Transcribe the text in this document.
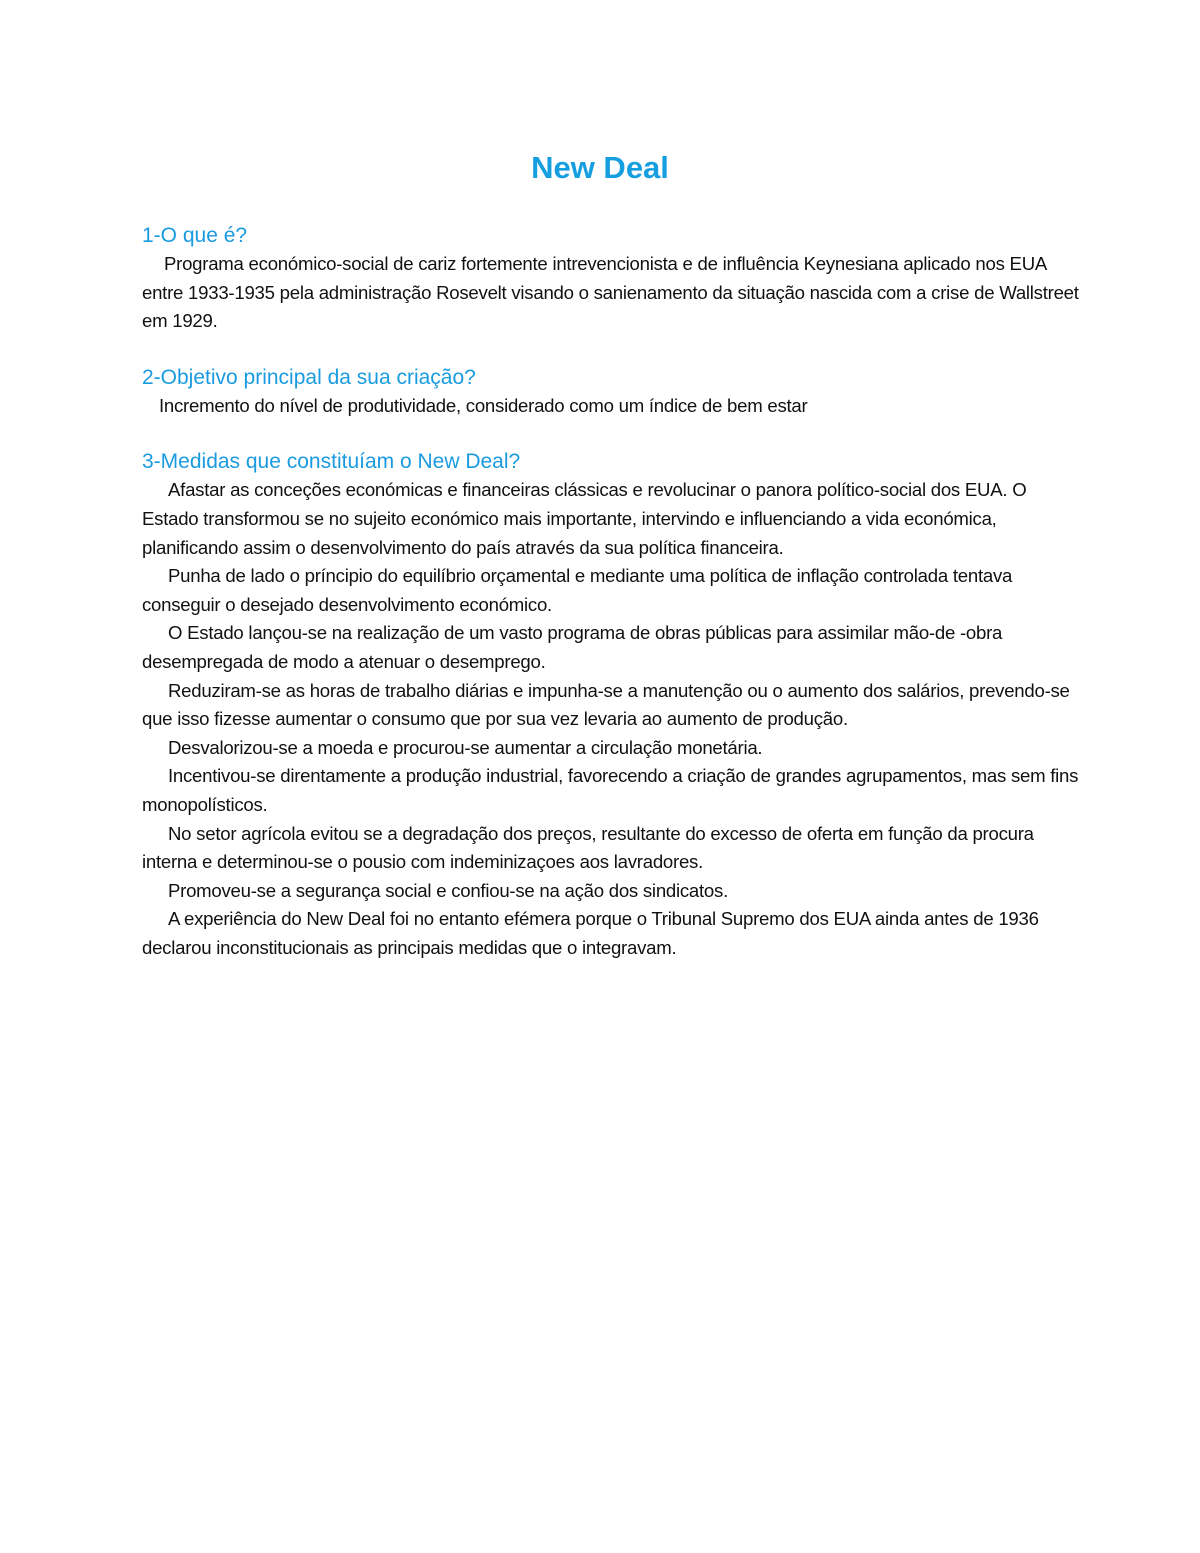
New Deal

1-O que é?

Programa económico-social de cariz fortemente intrevencionista e de influência Keynesiana aplicado nos EUA entre 1933-1935 pela administração Rosevelt visando o sanienamento da situação nascida com a crise de Wallstreet em 1929.

2-Objetivo principal da sua criação?

Incremento do nível de produtividade, considerado como um índice de bem estar

3-Medidas que constituíam o New Deal?

Afastar as conceções económicas e financeiras clássicas e revolucinar o panora político-social dos EUA. O Estado transformou se no sujeito económico mais importante, intervindo e influenciando a vida económica, planificando assim o desenvolvimento do país através da sua política financeira.

Punha de lado o príncipio do equilíbrio orçamental e mediante uma política de inflação controlada tentava conseguir o desejado desenvolvimento económico.

O Estado lançou-se na realização de um vasto programa de obras públicas para assimilar mão-de -obra desempregada de modo a atenuar o desemprego.

Reduziram-se as horas de trabalho diárias e impunha-se a manutenção ou o aumento dos salários, prevendo-se que isso fizesse aumentar o consumo que por sua vez levaria ao aumento de produção.

Desvalorizou-se a moeda e procurou-se aumentar a circulação monetária.

Incentivou-se direntamente a produção industrial, favorecendo a criação de grandes agrupamentos, mas sem fins monopolísticos.

No setor agrícola evitou se a degradação dos preços, resultante do excesso de oferta em função da procura interna e determinou-se o pousio com indeminizaçoes aos lavradores.

Promoveu-se a segurança social e confiou-se na ação dos sindicatos.

A experiência do New Deal foi no entanto efémera porque o Tribunal Supremo dos EUA ainda antes de 1936 declarou inconstitucionais as principais medidas que o integravam.
